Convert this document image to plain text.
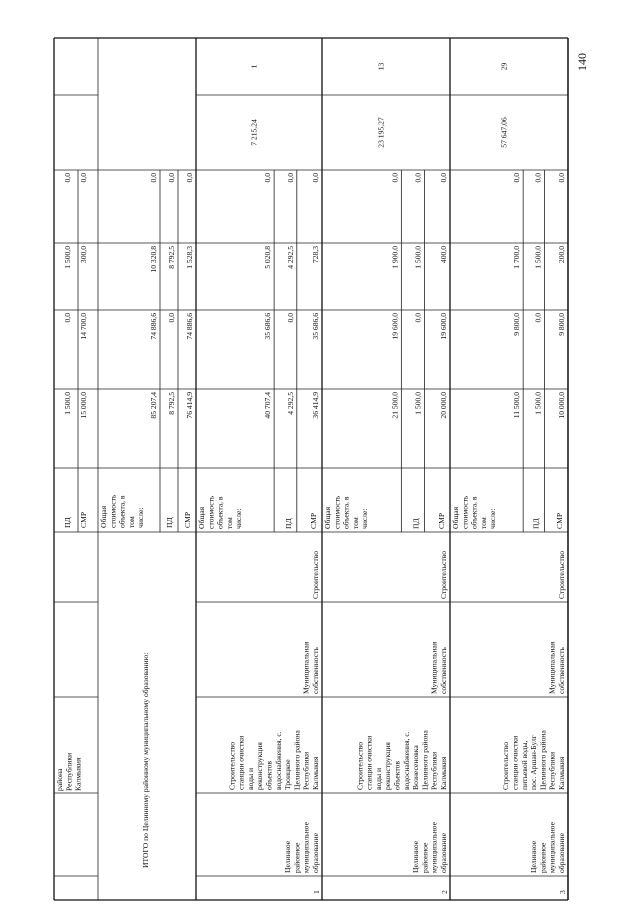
районаРеспубликиКалмыкия
ПД
1 500,0
0,0
1 500,0
0,0
СМР
15 000,0
14 700,0
300,0
0,0
ИТОГО по Целинному районному муниципальному образованию:
Общаястоимостьобъекта, втомчисле:
85 207,4
74 886,6
10 320,8
0,0
ПД
8 792,5
0,0
8 792,5
0,0
СМР
76 414,9
74 886,6
1 528,3
0,0
1
Целинноерайонноемуниципальноеобразование
Строительствостанции очисткиводы иреконструкцияобъектовводоснабжения, с.ТроицкоеЦелинного районаРеспубликиКалмыкия
Муниципальнаясобственность
Строительство
Общаястоимостьобъекта, втомчисле:
40 707,4
35 686,6
5 020,8
0,0
ПД
4 292,5
0,0
4 292,5
0,0
СМР
36 414,9
35 686,6
728,3
0,0
7 215,24
1
2
Целинноерайонноемуниципальноеобразование
Строительствостанции очисткиводы иреконструкцияобъектовводоснабжения, с.ВознесеновкаЦелинного районаРеспубликиКалмыкия
Муниципальнаясобственность
Строительство
Общаястоимостьобъекта, втомчисле:
21 500,0
19 600,0
1 900,0
0,0
ПД
1 500,0
0,0
1 500,0
0,0
СМР
20 000,0
19 600,0
400,0
0,0
23 195,27
13
3
Целинноерайонноемуниципальноеобразование
Строительствостанции очисткипитьевой воды,пос. Аршан-БулгЦелинного районаРеспубликиКалмыкия
Муниципальнаясобственность
Строительство
Общаястоимостьобъекта, втомчисле:
11 500,0
9 800,0
1 700,0
0,0
ПД
1 500,0
0,0
1 500,0
0,0
СМР
10 000,0
9 800,0
200,0
0,0
57 647,06
29	140
